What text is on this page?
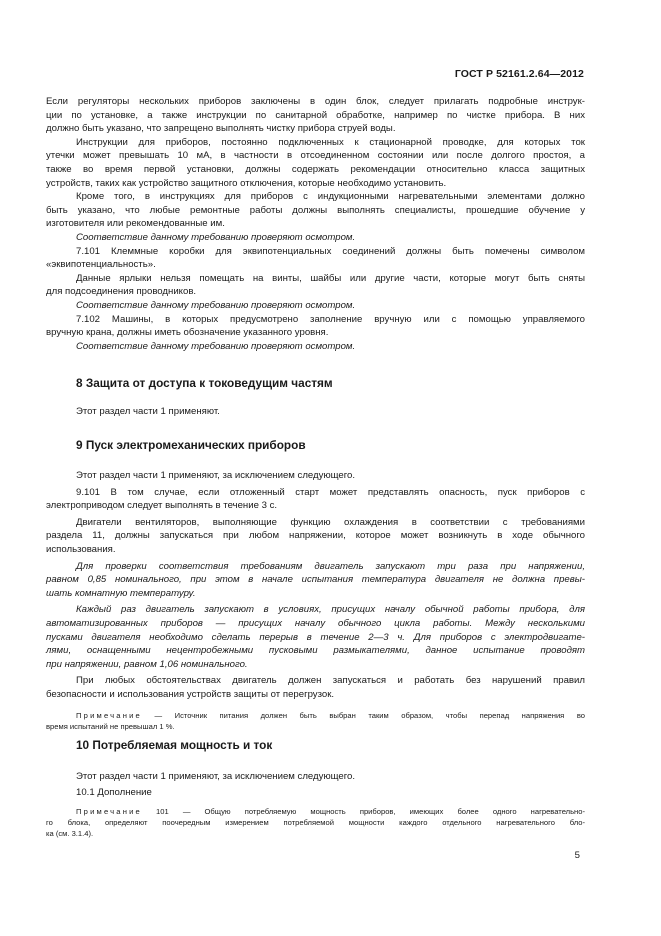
ГОСТ Р 52161.2.64—2012

Если регуляторы нескольких приборов заключены в один блок, следует прилагать подробные инструк-
ции по установке, а также инструкции по санитарной обработке, например по чистке прибора. В них
должно быть указано, что запрещено выполнять чистку прибора струей воды.

Инструкции для приборов, постоянно подключенных к стационарной проводке, для которых ток
утечки может превышать 10 мА, в частности в отсоединенном состоянии или после долгого простоя, а
также во время первой установки, должны содержать рекомендации относительно класса защитных
устройств, таких как устройство защитного отключения, которые необходимо установить.

Кроме того, в инструкциях для приборов с индукционными нагревательными элементами должно
быть указано, что любые ремонтные работы должны выполнять специалисты, прошедшие обучение у
изготовителя или рекомендованные им.

Соответствие данному требованию проверяют осмотром.

7.101 Клеммные коробки для эквипотенциальных соединений должны быть помечены символом
«эквипотенциальность».

Данные ярлыки нельзя помещать на винты, шайбы или другие части, которые могут быть сняты
для подсоединения проводников.

Соответствие данному требованию проверяют осмотром.

7.102 Машины, в которых предусмотрено заполнение вручную или с помощью управляемого
вручную крана, должны иметь обозначение указанного уровня.

Соответствие данному требованию проверяют осмотром.

8 Защита от доступа к токоведущим частям

Этот раздел части 1 применяют.

9 Пуск электромеханических приборов

Этот раздел части 1 применяют, за исключением следующего.

9.101 В том случае, если отложенный старт может представлять опасность, пуск приборов с
электроприводом следует выполнять в течение 3 с.

Двигатели вентиляторов, выполняющие функцию охлаждения в соответствии с требованиями
раздела 11, должны запускаться при любом напряжении, которое может возникнуть в ходе обычного
использования.

Для проверки соответствия требованиям двигатель запускают три раза при напряжении,
равном 0,85 номинального, при этом в начале испытания температура двигателя не должна превы-
шать комнатную температуру.

Каждый раз двигатель запускают в условиях, присущих началу обычной работы прибора, для
автоматизированных приборов — присущих началу обычного цикла работы. Между несколькими
пусками двигателя необходимо сделать перерыв в течение 2—3 ч. Для приборов с электродвигате-
лями, оснащенными нецентробежными пусковыми размыкателями, данное испытание проводят
при напряжении, равном 1,06 номинального.

При любых обстоятельствах двигатель должен запускаться и работать без нарушений правил
безопасности и использования устройств защиты от перегрузок.

Примечание — Источник питания должен быть выбран таким образом, чтобы перепад напряжения во
время испытаний не превышал 1 %.

10 Потребляемая мощность и ток

Этот раздел части 1 применяют, за исключением следующего.

10.1 Дополнение

Примечание 101 — Общую потребляемую мощность приборов, имеющих более одного нагревательно-
го блока, определяют поочередным измерением потребляемой мощности каждого отдельного нагревательного бло-
ка (см. 3.1.4).

5
